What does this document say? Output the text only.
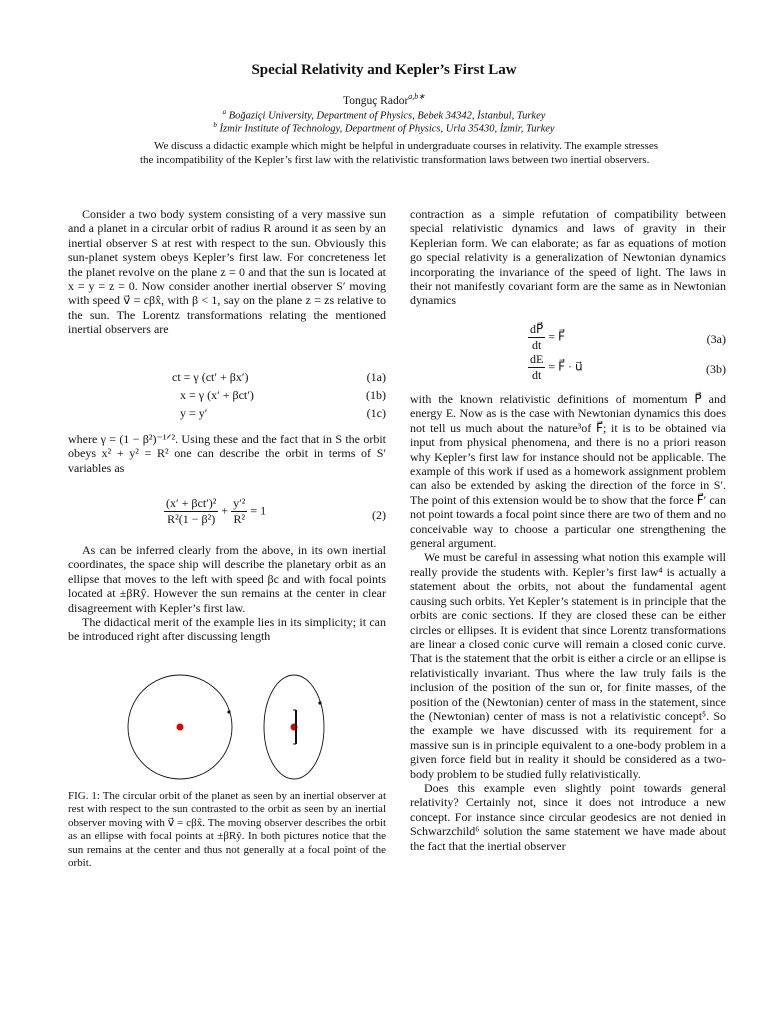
Special Relativity and Kepler’s First Law
Tonguç Rador$^{a,b∗}$
$^a$ Boğaziçi University, Department of Physics, Bebek 34342, İstanbul, Turkey
$^b$ İzmir Institute of Technology, Department of Physics, Urla 35430, İzmir, Turkey

We discuss a didactic example which might be helpful in undergraduate courses in relativity. The example stresses the incompatibility of the Kepler’s first law with the relativistic transformation laws between two inertial observers.

Consider a two body system consisting of a very massive sun and a planet in a circular orbit of radius R around it as seen by an inertial observer S at rest with respect to the sun. Obviously this sun-planet system obeys Kepler’s first law. For concreteness let the planet revolve on the plane z = 0 and that the sun is located at x = y = z = 0. Now consider another inertial observer S′ moving with speed v⃗ = cβx̂, with β < 1, say on the plane z = zs relative to the sun. The Lorentz transformations relating the mentioned inertial observers are

ct = γ (ct′ + βx′)	(1a)
x = γ (x′ + βct′)	(1b)
y = y′	(1c)

where γ = (1 − β²)⁻¹ᐟ². Using these and the fact that in S the orbit obeys x² + y² = R² one can describe the orbit in terms of S′ variables as

$\frac{\text{(x′ + βct′)²}}{\text{R²(1 − β²)}} + \frac{\text{y′²}}{\text{R²}} = 1$	(2)

As can be inferred clearly from the above, in its own inertial coordinates, the space ship will describe the planetary orbit as an ellipse that moves to the left with speed βc and with focal points located at ±βRŷ. However the sun remains at the center in clear disagreement with Kepler’s first law.

The didactical merit of the example lies in its simplicity; it can be introduced right after discussing length

FIG. 1: The circular orbit of the planet as seen by an inertial observer at rest with respect to the sun contrasted to the orbit as seen by an inertial observer moving with v⃗ = cβx̂. The moving observer describes the orbit as an ellipse with focal points at ±βRŷ. In both pictures notice that the sun remains at the center and thus not generally at a focal point of the orbit.

contraction as a simple refutation of compatibility between special relativistic dynamics and laws of gravity in their Keplerian form. We can elaborate; as far as equations of motion go special relativity is a generalization of Newtonian dynamics incorporating the invariance of the speed of light. The laws in their not manifestly covariant form are the same as in Newtonian dynamics

$\frac{dP⃗}{dt}$ = F⃗	(3a)
$\frac{dE}{dt}$ = F⃗ · u⃗	(3b)

with the known relativistic definitions of momentum P⃗ and energy E. Now as is the case with Newtonian dynamics this does not tell us much about the nature³of F⃗; it is to be obtained via input from physical phenomena, and there is no a priori reason why Kepler’s first law for instance should not be applicable. The example of this work if used as a homework assignment problem can also be extended by asking the direction of the force in S′. The point of this extension would be to show that the force F⃗′ can not point towards a focal point since there are two of them and no conceivable way to choose a particular one strengthening the general argument.

We must be careful in assessing what notion this example will really provide the students with. Kepler’s first law⁴ is actually a statement about the orbits, not about the fundamental agent causing such orbits. Yet Kepler’s statement is in principle that the orbits are conic sections. If they are closed these can be either circles or ellipses. It is evident that since Lorentz transformations are linear a closed conic curve will remain a closed conic curve. That is the statement that the orbit is either a circle or an ellipse is relativistically invariant. Thus where the law truly fails is the inclusion of the position of the sun or, for finite masses, of the position of the (Newtonian) center of mass in the statement, since the (Newtonian) center of mass is not a relativistic concept⁵. So the example we have discussed with its requirement for a massive sun is in principle equivalent to a one-body problem in a given force field but in reality it should be considered as a two-body problem to be studied fully relativistically.

Does this example even slightly point towards general relativity? Certainly not, since it does not introduce a new concept. For instance since circular geodesics are not denied in Schwarzchild⁶ solution the same statement we have made about the fact that the inertial observer
